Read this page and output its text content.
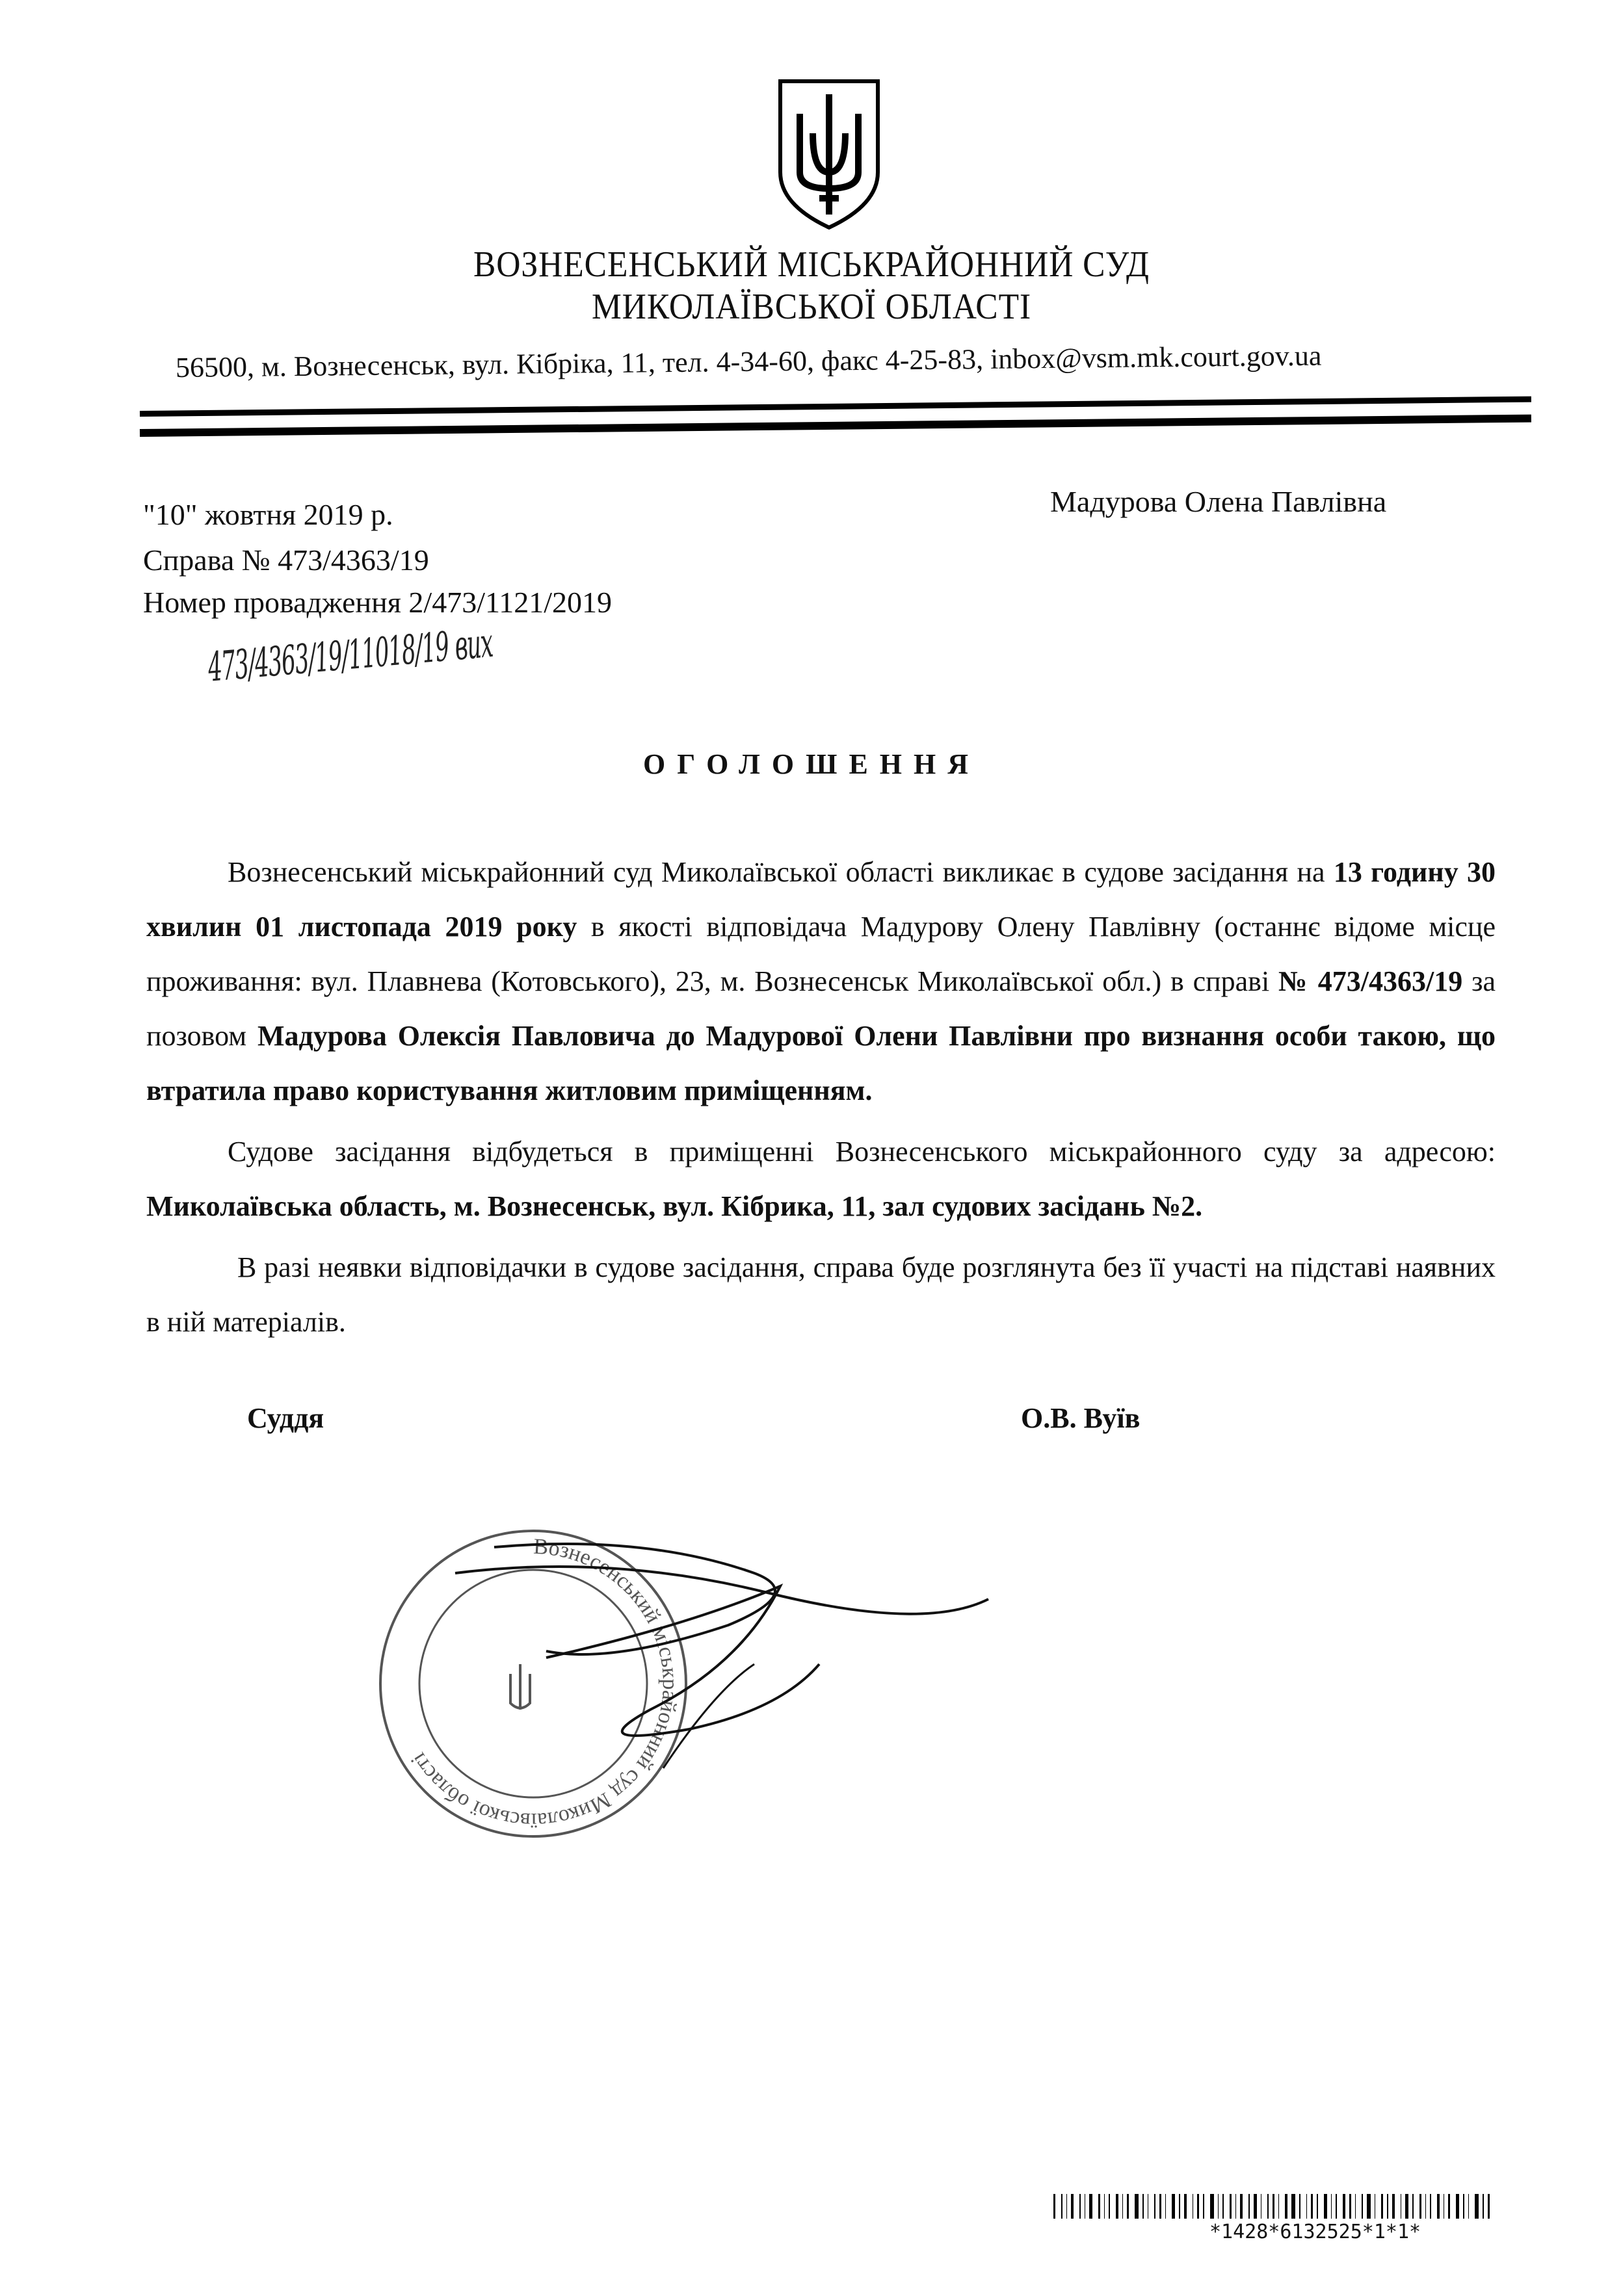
ВОЗНЕСЕНСЬКИЙ МІСЬКРАЙОННИЙ СУД
МИКОЛАЇВСЬКОЇ ОБЛАСТІ
56500, м. Вознесенськ, вул. Кібріка, 11, тел. 4-34-60, факс 4-25-83, inbox@vsm.mk.court.gov.ua
"10" жовтня 2019 р.
Справа № 473/4363/19
Номер провадження 2/473/1121/2019
Мадурова Олена Павлівна
473/4363/19/11018/19 вих
ОГОЛОШЕННЯ

Вознесенський міськрайонний суд Миколаївської області викликає в судове засідання на 13 годину 30 хвилин 01 листопада 2019 року в якості відповідача Мадурову Олену Павлівну (останнє відоме місце проживання: вул. Плавнева (Котовського), 23, м. Вознесенськ Миколаївської обл.) в справі № 473/4363/19 за позовом Мадурова Олексія Павловича до Мадурової Олени Павлівни про визнання особи такою, що втратила право користування житловим приміщенням.

Судове засідання відбудеться в приміщенні Вознесенського міськрайонного суду за адресою: Миколаївська область, м. Вознесенськ, вул. Кібрика, 11, зал судових засідань №2.

В разі неявки відповідачки в судове засідання, справа буде розглянута без її участі на підставі наявних в ній матеріалів.

Суддя	О.В. Вуїв
Вознесенський міськрайонний суд Миколаївської області
*1428*6132525*1*1*
